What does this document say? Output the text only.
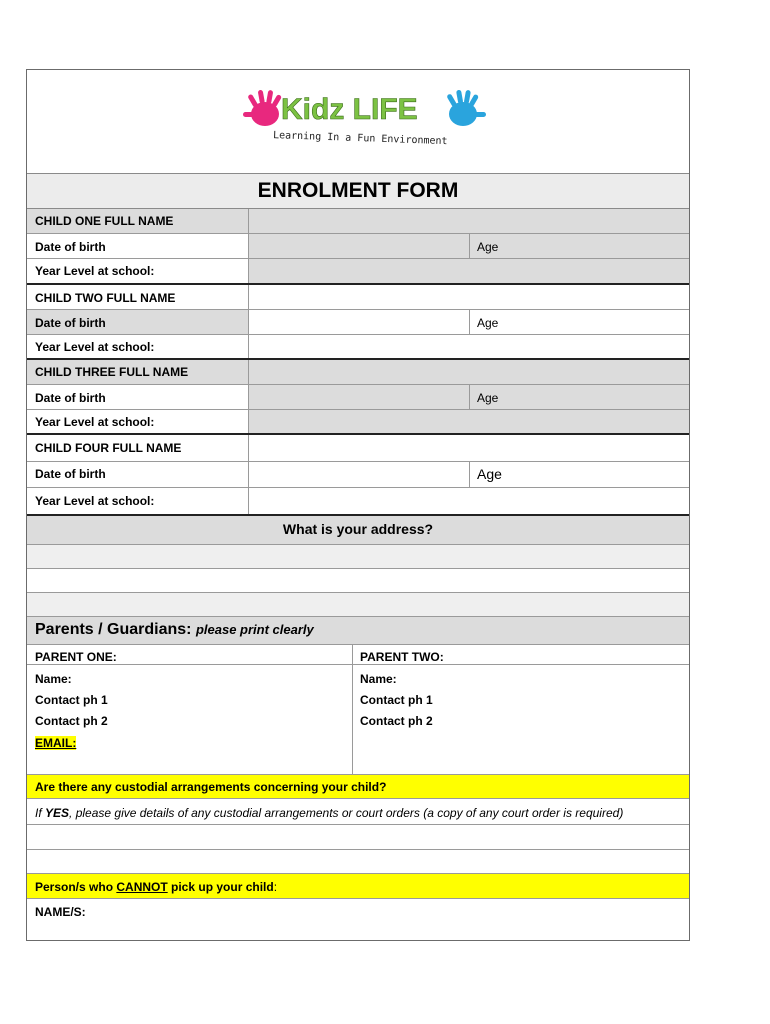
Kidz LIFE
Learning In a Fun Environment
ENROLMENT FORM
CHILD ONE FULL NAME
Date of birth	Age
Year Level at school:
CHILD TWO FULL NAME
Date of birth	Age
Year Level at school:
CHILD THREE FULL NAME
Date of birth	Age
Year Level at school:
CHILD FOUR FULL NAME
Date of birth	Age
Year Level at school:
What is your address?
Parents / Guardians: please print clearly
PARENT ONE:
Name:
Contact ph 1
Contact ph 2
EMAIL:
PARENT TWO:
Name:
Contact ph 1
Contact ph 2
Are there any custodial arrangements concerning your child?
If YES, please give details of any custodial arrangements or court orders (a copy of any court order is required)
Person/s who CANNOT pick up your child:
NAME/S:
